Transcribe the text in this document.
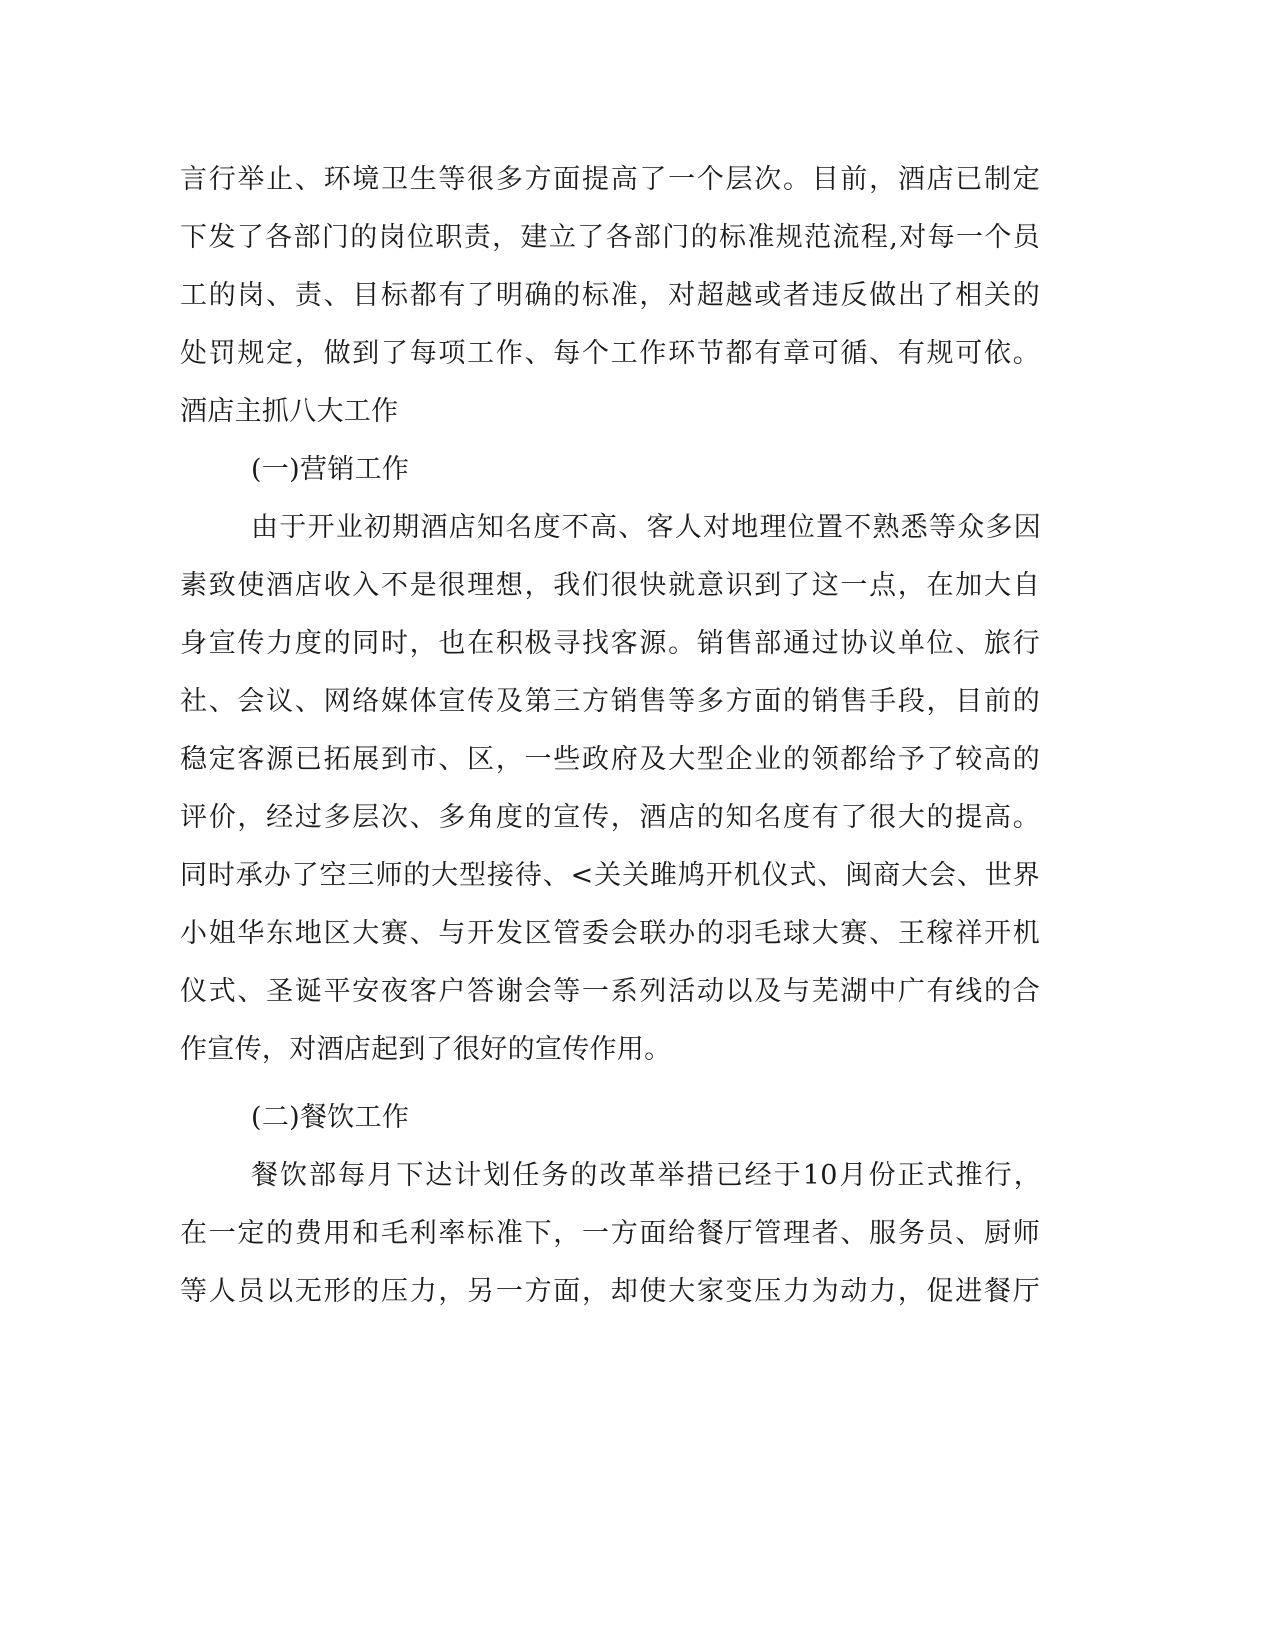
言行举止、环境卫生等很多方面提高了一个层次。目前，酒店已制定
下发了各部门的岗位职责，建立了各部门的标准规范流程,对每一个员
工的岗、责、目标都有了明确的标准，对超越或者违反做出了相关的
处罚规定，做到了每项工作、每个工作环节都有章可循、有规可依。
酒店主抓八大工作
(一)营销工作
由于开业初期酒店知名度不高、客人对地理位置不熟悉等众多因
素致使酒店收入不是很理想，我们很快就意识到了这一点，在加大自
身宣传力度的同时，也在积极寻找客源。销售部通过协议单位、旅行
社、会议、网络媒体宣传及第三方销售等多方面的销售手段，目前的
稳定客源已拓展到市、区，一些政府及大型企业的领都给予了较高的
评价，经过多层次、多角度的宣传，酒店的知名度有了很大的提高。
同时承办了空三师的大型接待、<关关雎鸠开机仪式、闽商大会、世界
小姐华东地区大赛、与开发区管委会联办的羽毛球大赛、王稼祥开机
仪式、圣诞平安夜客户答谢会等一系列活动以及与芜湖中广有线的合
作宣传，对酒店起到了很好的宣传作用。
(二)餐饮工作
餐饮部每月下达计划任务的改革举措已经于10月份正式推行，
在一定的费用和毛利率标准下，一方面给餐厅管理者、服务员、厨师
等人员以无形的压力，另一方面，却使大家变压力为动力，促进餐厅
